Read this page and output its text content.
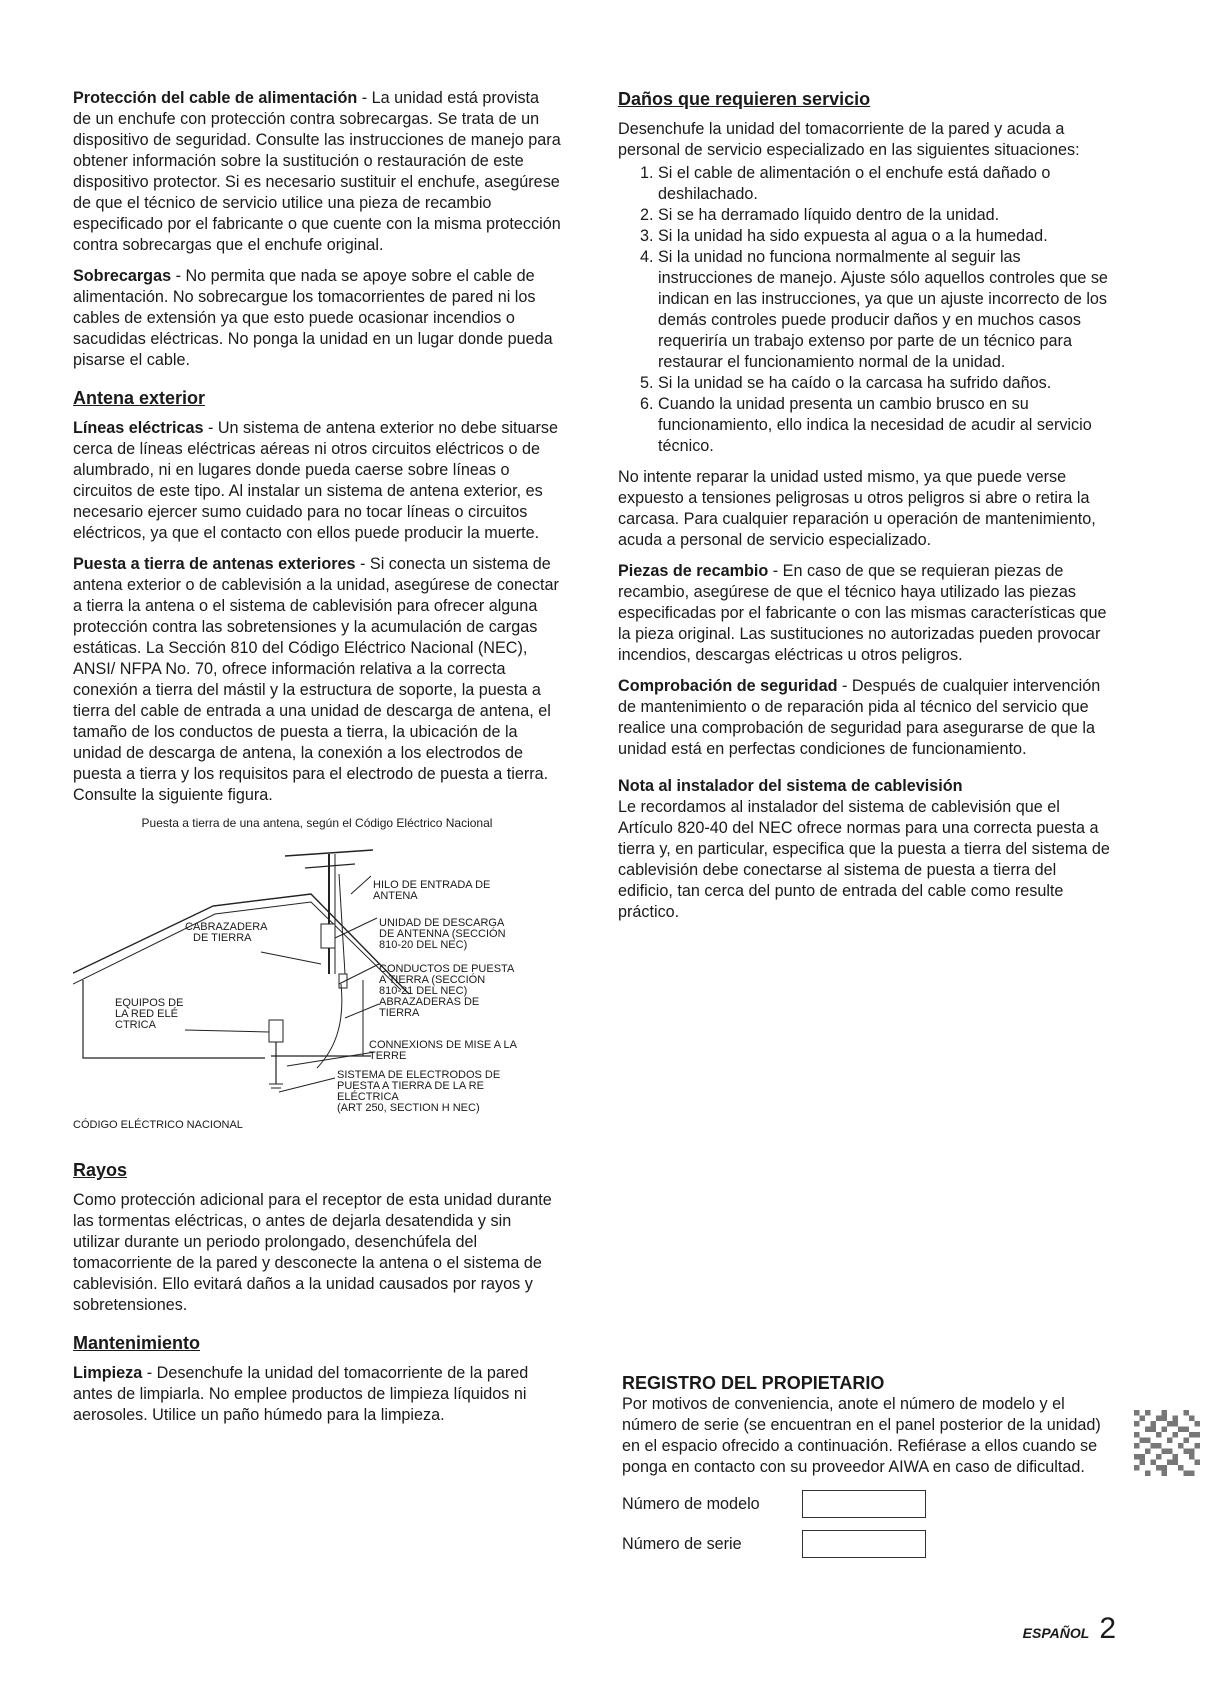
Protección del cable de alimentación - La unidad está provista de un enchufe con protección contra sobrecargas. Se trata de un dispositivo de seguridad. Consulte las instrucciones de manejo para obtener información sobre la sustitución o restauración de este dispositivo protector. Si es necesario sustituir el enchufe, asegúrese de que el técnico de servicio utilice una pieza de recambio especificado por el fabricante o que cuente con la misma protección contra sobrecargas que el enchufe original.

Sobrecargas - No permita que nada se apoye sobre el cable de alimentación. No sobrecargue los tomacorrientes de pared ni los cables de extensión ya que esto puede ocasionar incendios o sacudidas eléctricas. No ponga la unidad en un lugar donde pueda pisarse el cable.

Antena exterior

Líneas eléctricas - Un sistema de antena exterior no debe situarse cerca de líneas eléctricas aéreas ni otros circuitos eléctricos o de alumbrado, ni en lugares donde pueda caerse sobre líneas o circuitos de este tipo. Al instalar un sistema de antena exterior, es necesario ejercer sumo cuidado para no tocar líneas o circuitos eléctricos, ya que el contacto con ellos puede producir la muerte.

Puesta a tierra de antenas exteriores - Si conecta un sistema de antena exterior o de cablevisión a la unidad, asegúrese de conectar a tierra la antena o el sistema de cablevisión para ofrecer alguna protección contra las sobretensiones y la acumulación de cargas estáticas. La Sección 810 del Código Eléctrico Nacional (NEC), ANSI/ NFPA No. 70, ofrece información relativa a la correcta conexión a tierra del mástil y la estructura de soporte, la puesta a tierra del cable de entrada a una unidad de descarga de antena, el tamaño de los conductos de puesta a tierra, la ubicación de la unidad de descarga de antena, la conexión a los electrodos de puesta a tierra y los requisitos para el electrodo de puesta a tierra. Consulte la siguiente figura.

Puesta a tierra de una antena, según el Código Eléctrico Nacional
HILO DE ENTRADA DE
ANTENA
UNIDAD DE DESCARGA
DE ANTENNA (SECCIÓN
810-20 DEL NEC)
CABRAZADERA
DE TIERRA
CONDUCTOS DE PUESTA
A TIERRA (SECCIÓN
810-21 DEL NEC)
ABRAZADERAS DE
TIERRA
EQUIPOS DE
LA RED ELÉ
CTRICA
CONNEXIONS DE MISE A LA
TERRE
SISTEMA DE ELECTRODOS DE
PUESTA A TIERRA DE LA RE
ELÉCTRICA
(ART 250, SECTION H NEC)
CÓDIGO ELÉCTRICO NACIONAL
Rayos

Como protección adicional para el receptor de esta unidad durante las tormentas eléctricas, o antes de dejarla desatendida y sin utilizar durante un periodo prolongado, desenchúfela del tomacorriente de la pared y desconecte la antena o el sistema de cablevisión. Ello evitará daños a la unidad causados por rayos y sobretensiones.

Mantenimiento

Limpieza - Desenchufe la unidad del tomacorriente de la pared antes de limpiarla. No emplee productos de limpieza líquidos ni aerosoles. Utilice un paño húmedo para la limpieza.

Daños que requieren servicio

Desenchufe la unidad del tomacorriente de la pared y acuda a personal de servicio especializado en las siguientes situaciones:

1. Si el cable de alimentación o el enchufe está dañado o deshilachado.
2. Si se ha derramado líquido dentro de la unidad.
3. Si la unidad ha sido expuesta al agua o a la humedad.
4. Si la unidad no funciona normalmente al seguir las instrucciones de manejo. Ajuste sólo aquellos controles que se indican en las instrucciones, ya que un ajuste incorrecto de los demás controles puede producir daños y en muchos casos requeriría un trabajo extenso por parte de un técnico para restaurar el funcionamiento normal de la unidad.
5. Si la unidad se ha caído o la carcasa ha sufrido daños.
6. Cuando la unidad presenta un cambio brusco en su funcionamiento, ello indica la necesidad de acudir al servicio técnico.

No intente reparar la unidad usted mismo, ya que puede verse expuesto a tensiones peligrosas u otros peligros si abre o retira la carcasa. Para cualquier reparación u operación de mantenimiento, acuda a personal de servicio especializado.

Piezas de recambio - En caso de que se requieran piezas de recambio, asegúrese de que el técnico haya utilizado las piezas especificadas por el fabricante o con las mismas características que la pieza original. Las sustituciones no autorizadas pueden provocar incendios, descargas eléctricas u otros peligros.

Comprobación de seguridad - Después de cualquier intervención de mantenimiento o de reparación pida al técnico del servicio que realice una comprobación de seguridad para asegurarse de que la unidad está en perfectas condiciones de funcionamiento.

Nota al instalador del sistema de cablevisión

Le recordamos al instalador del sistema de cablevisión que el Artículo 820-40 del NEC ofrece normas para una correcta puesta a tierra y, en particular, especifica que la puesta a tierra del sistema de cablevisión debe conectarse al sistema de puesta a tierra del edificio, tan cerca del punto de entrada del cable como resulte práctico.

REGISTRO DEL PROPIETARIO

Por motivos de conveniencia, anote el número de modelo y el número de serie (se encuentran en el panel posterior de la unidad) en el espacio ofrecido a continuación. Refiérase a ellos cuando se ponga en contacto con su proveedor AIWA en caso de dificultad.

Número de modelo
Número de serie
ESPAÑOL 2
